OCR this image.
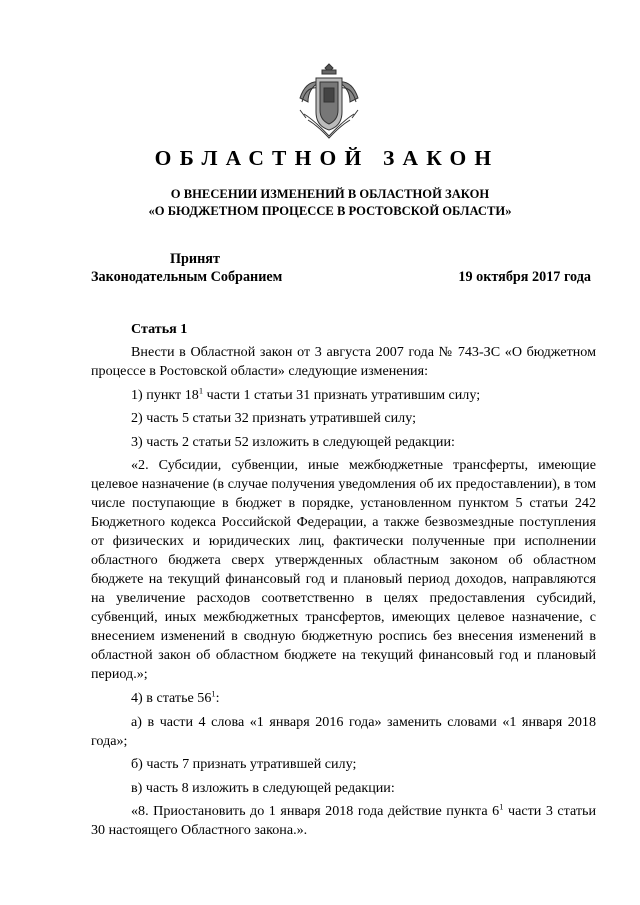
ОБЛАСТНОЙ ЗАКОН
О ВНЕСЕНИИ ИЗМЕНЕНИЙ В ОБЛАСТНОЙ ЗАКОН
«О БЮДЖЕТНОМ ПРОЦЕССЕ В РОСТОВСКОЙ ОБЛАСТИ»
Принят
Законодательным Собранием	19 октября 2017 года

Статья 1

Внести в Областной закон от 3 августа 2007 года № 743-ЗС «О бюджетном процессе в Ростовской области» следующие изменения:

1) пункт $18^1$ части 1 статьи 31 признать утратившим силу;

2) часть 5 статьи 32 признать утратившей силу;

3) часть 2 статьи 52 изложить в следующей редакции:

«2. Субсидии, субвенции, иные межбюджетные трансферты, имеющие целевое назначение (в случае получения уведомления об их предоставлении), в том числе поступающие в бюджет в порядке, установленном пунктом 5 статьи 242 Бюджетного кодекса Российской Федерации, а также безвозмездные поступления от физических и юридических лиц, фактически полученные при исполнении областного бюджета сверх утвержденных областным законом об областном бюджете на текущий финансовый год и плановый период доходов, направляются на увеличение расходов соответственно в целях предоставления субсидий, субвенций, иных межбюджетных трансфертов, имеющих целевое назначение, с внесением изменений в сводную бюджетную роспись без внесения изменений в областной закон об областном бюджете на текущий финансовый год и плановый период.»;

4) в статье $56^1$:

а) в части 4 слова «1 января 2016 года» заменить словами «1 января 2018 года»;

б) часть 7 признать утратившей силу;

в) часть 8 изложить в следующей редакции:

«8. Приостановить до 1 января 2018 года действие пункта $6^1$ части 3 статьи 30 настоящего Областного закона.».
